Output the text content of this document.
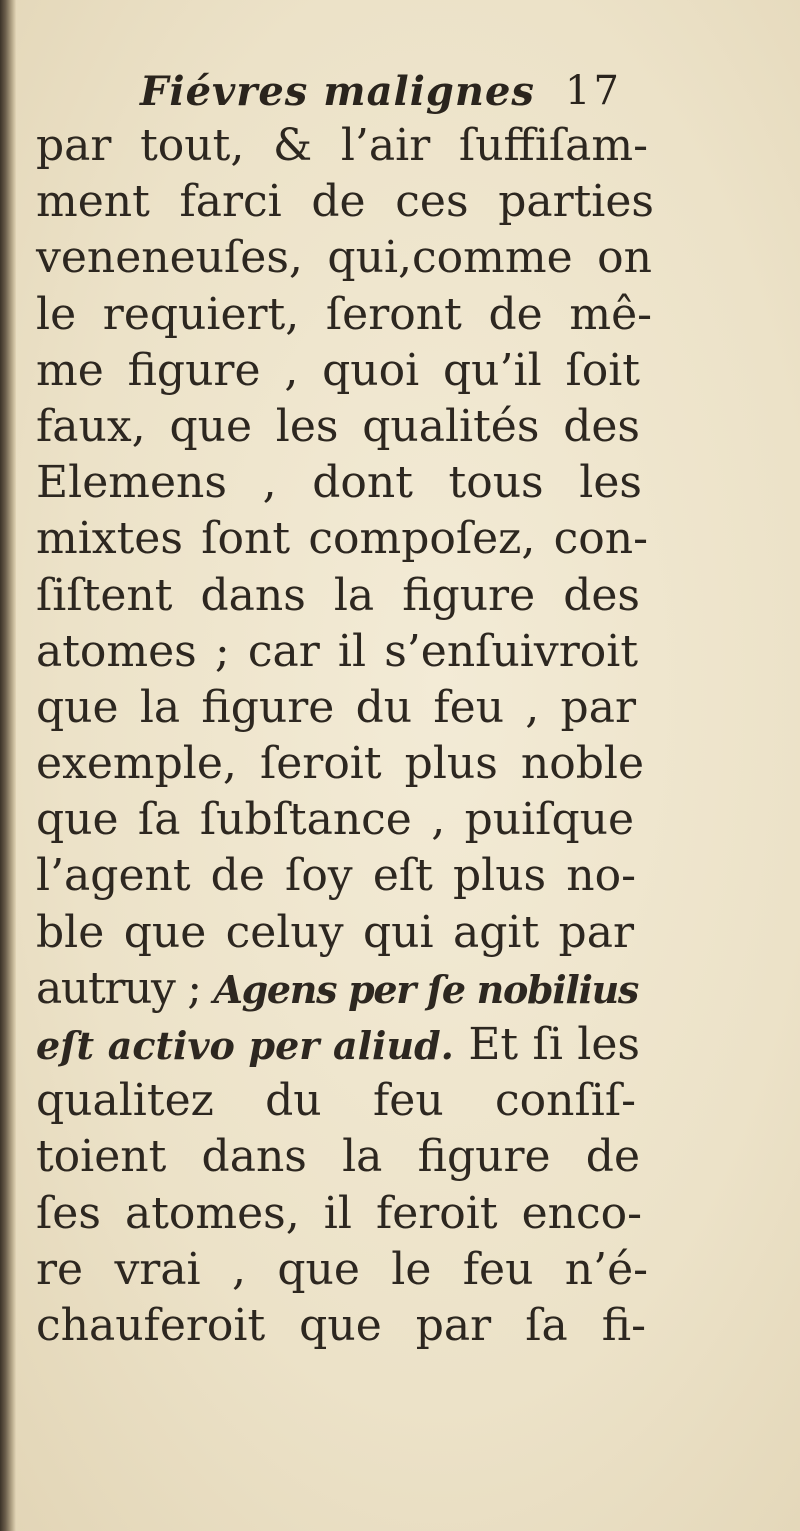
Fiévres malignes 17
par tout, & l’air ſuffiſam-
ment farci de ces parties
veneneuſes, qui,comme on
le requiert, ſeront de mê-
me figure , quoi qu’il ſoit
faux, que les qualités des
Elemens , dont tous les
mixtes ſont compoſez, con-
ſiſtent dans la figure des
atomes ; car il s’enſuivroit
que la figure du feu , par
exemple, ſeroit plus noble
que ſa ſubſtance , puiſque
l’agent de ſoy eſt plus no-
ble que celuy qui agit par
autruy ; Agens per ſe nobilius
eſt activo per aliud. Et ſi les
qualitez du feu conſiſ-
toient dans la figure de
ſes atomes, il feroit enco-
re vrai , que le feu n’é-
chauferoit que par ſa fi-
